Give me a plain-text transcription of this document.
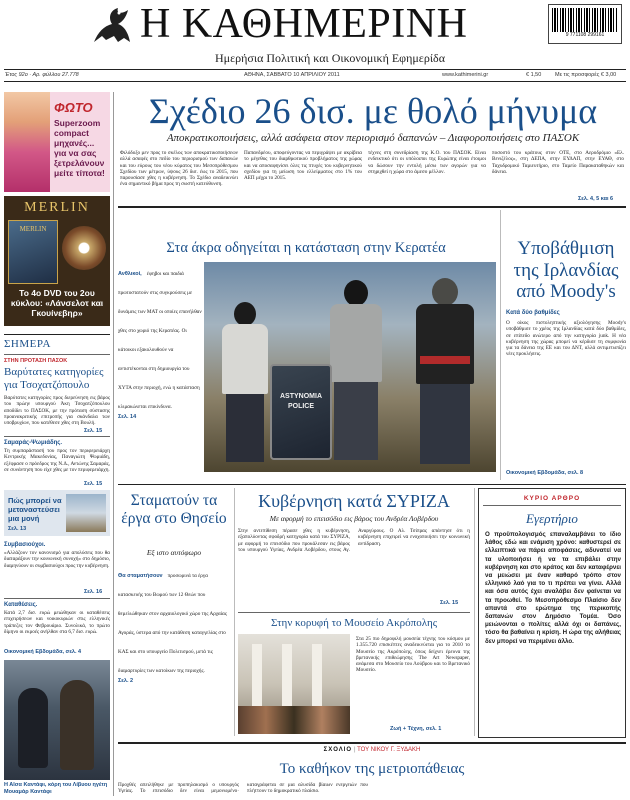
Η ΚΑΘΗΜΕΡΙΝΗ
Ημερήσια Πολιτική και Οικονομική Εφημερίδα
9 771108 299161
Έτος 92ο · Αρ. φύλλου 27.778	ΑΘΗΝΑ, ΣΑΒΒΑΤΟ 10 ΑΠΡΙΛΙΟΥ 2011	www.kathimerini.gr	€ 1,50 Με τις προσφορές € 3,00
ΦΩΤΟ
Superzoom compact μηχανές... για να σας ξετρελάνουν μείτε τίποτα!
MERLIN
MERLIN
Το 4ο DVD του 2ου κύκλου: «Λάνσελοτ και Γκουίνεβηρ»
ΣΗΜΕΡΑ
ΣΤΗΝ ΠΡΟΤΑΣΗ ΠΑΣΟΚ
Βαρύτατες κατηγορίες για Τσοχατζόπουλο
Βαρύτατες κατηγορίες προς διερεύνηση εις βάρος του πρώην υπουργού Άκη Τσοχατζόπουλου αποδίδει το ΠΑΣΟΚ, με την πρόταση σύστασης προανακριτικής επιτροπής για σκάνδαλα των υποβρυχίων, που κατέθεσε χθες στη Βουλή.
Σελ. 15
Σαμαράς-Ψωμιάδης.
Τη συμπαράστασή του προς τον περιφερειάρχη Κεντρικής Μακεδονίας, Παναγιώτη Ψωμιάδη, εξέφρασε ο πρόεδρος της Ν.Δ., Αντώνης Σαμαράς, σε συνάντηση που είχε χθες με τον περιφερειάρχη.
Σελ. 15
Πώς μπορεί να μεταναστεύσει μια μονή
Σελ. 13
Συμβασιούχοι.
«Αλλάζουν τον κανονισμό για απολύσεις που θα διαταράξουν την κοινωνική συνοχή» στο δημόσιο, διαμηνύουν οι συμβασιούχοι προς την κυβέρνηση.
Σελ. 16
Καταθέσεις.
Κατά 2,7 δισ. ευρώ μειώθηκαν οι καταθέσεις επιχειρήσεων και νοικοκυριών στις ελληνικές τράπεζες τον Φεβρουάριο. Συνολικά, το πρώτο δίμηνο οι εκροές ανήλθαν στα 6,7 δισ. ευρώ.
Οικονομική Εβδομάδα, σελ. 4
Η Αϊσα Καντάφι, κόρη του Λίβυου ηγέτη Μουαμάρ Καντάφι
Σχέδιο 26 δισ. με θολό μήνυμα
Αποκρατικοποιήσεις, αλλά ασάφεια στον περιορισμό δαπανών – Διαφοροποιήσεις στο ΠΑΣΟΚ
Φιλόδοξο μεν προς το σκέλος των αποκρατικοποιήσεων αλλά ασαφές στο πεδίο του περιορισμού των δαπανών και του εύρους του νέου κύματος του Μεσοπρόθεσμου Σχεδίου των μέτρων, ύψους 26 δισ. έως το 2015, που παρουσίασε χθες η κυβέρνηση. Το Σχέδιο αναδεικνύει ένα σημαντικό βήμα προς τη σωστή κατεύθυνση.
Παπανδρέου, αποφεύγοντας να περιγράψει με ακρίβεια το μέγεθος του διαρθρωτικού προβλήματος της χώρας και να αποσαφηνίσει όλες τις πτυχές του κυβερνητικού σχεδίου για τη μείωση του ελλείμματος στο 1% του ΑΕΠ μέχρι το 2015.
τέχνες στη συνεδρίαση της Κ.Ο. του ΠΑΣΟΚ. Είναι ενδεικτικό ότι οι υπόλοιποι της Ευρώπης είναι έτοιμοι να δώσουν την εντολή μέσω των αγορών για να στηριχθεί η χώρα στο άμεσο μέλλον.
ποσοστό του κράτους στον ΟΤΕ, στο Αεροδρόμιο «Ελ. Βενιζέλος», στη ΔΕΠΑ, στην ΕΥΔΑΠ, στην ΕΥΑΘ, στο Ταχυδρομικό Ταμιευτήριο, στο Ταμείο Παρακαταθηκών και δάνεια.
Σελ. 4, 5 και 6
Στα άκρα οδηγείται η κατάσταση στην Κερατέα
Ανθλικοί, έφηβοι και παιδιά πρωτοστατούν στις συγκρούσεις με δυνάμεις των ΜΑΤ οι οποίες επανήλθαν χθες στο χωριό της Κερατέας. Οι κάτοικοι εξακολουθούν να αντιστέκονται στη δημιουργία του ΧΥΤΑ στην περιοχή, ενώ η κατάσταση κλιμακώνεται επικίνδυνα.
Σελ. 14
ASTYNOMIA POLICE
Υποβάθμιση της Ιρλανδίας από Moody's
Κατά δύο βαθμίδες
Ο οίκος πιστοληπτικής αξιολόγησης Moody's υποβάθμισε το χρέος της Ιρλανδίας κατά δύο βαθμίδες, σε επίπεδο ανώτερο από την κατηγορία junk. Η νέα κυβέρνηση της χώρας μπορεί να κέρδισε τη συμφωνία για τα δάνεια της ΕΕ και του ΔΝΤ, αλλά αντιμετωπίζει νέες προκλήσεις.
Οικονομική Εβδομάδα, σελ. 8
Σταματούν τα έργα στο Θησείο
Εξ ιστο αυτόφωρο
Θα σταματήσουν προσωρινά τα έργα κατασκευής του Βωμού των 12 Θεών που θεμελιώθηκαν στον αρχαιολογικό χώρο της Αρχαίας Αγοράς, ύστερα από την κατάθεση καταγγελίας στο ΚΑΣ και στο υπουργείο Πολιτισμού, μετά τις διαμαρτυρίες των κατοίκων της περιοχής.
Σελ. 2
Κυβέρνηση κατά ΣΥΡΙΖΑ
Με αφορμή το επεισόδιο εις βάρος του Ανδρέα Λοβέρδου
Στην αντεπίθεση πέρασε χθες η κυβέρνηση, εξαπολύοντας σφοδρή κατηγορία κατά του ΣΥΡΙΖΑ, με αφορμή το επεισόδιο που προκάλεσαν εις βάρος του υπουργού Υγείας, Ανδρέα Λοβέρδου, στους Αγ. Αναργύρους. Ο Αλ. Τσίπρας απάντησε ότι η κυβέρνηση επιχειρεί να ενοχοποιήσει την κοινωνική αντίδραση.
Σελ. 15
Στην κορυφή το Μουσείο Ακρόπολης
Στα 25 πιο δημοφιλή μουσεία τέχνης του κόσμου με 1.355.720 επισκέπτες αναδεικνύεται για το 2010 το Μουσείο της Ακρόπολης, όπως δείχνει έρευνα της βρετανικής επιθεώρησης The Art Newspaper, ανάμεσα στο Μουσείο του Λούβρου και το Βρετανικό Μουσείο.
Ζωή + Τέχνη, σελ. 1
ΚΥΡΙΟ ΑΡΘΡΟ
Εγερτήριο
Ο προϋπολογισμός επαναλαμβάνει το ίδιο λάθος εδώ και ενάμιση χρόνο: καθυστερεί σε ελλειπτικά να πάρει αποφάσεις, αδυνατεί να τα υλοποιήσει ή να τα επιβάλει στην κυβέρνηση και στο κράτος και δεν καταφέρνει να μειώσει με έναν καθαρό τρόπο στον ελληνικό λαό για το τι πρέπει να γίνει. Αλλά και όσα αυτός έχει αναλάβει δεν φαίνεται να τα προωθεί. Το Μεσοπρόθεσμο Πλαίσιο δεν απαντά στο ερώτημα της περικοπής δαπανών στον Δημόσιο Τομέα. Όσο μειώνονται ο πολίτες αλλά όχι οι δαπάνες, τόσο θα βαθαίνει η κρίση. Η ώρα της αλήθειας δεν μπορεί να περιμένει άλλο.
ΣΧΟΛΙΟ | ΤΟΥ ΝΙΚΟΥ Γ. ΞΥΔΑΚΗ
Το καθήκον της μετριοπάθειας
Προχθές απειλήθηκε με προπηλακισμό ο υπουργός Υγείας. Το επεισόδιο δεν είναι μεμονωμένο· καταγράφεται σε μια αλυσίδα βίαιων ενεργειών που πλήττουν το δημοκρατικό πλαίσιο.
